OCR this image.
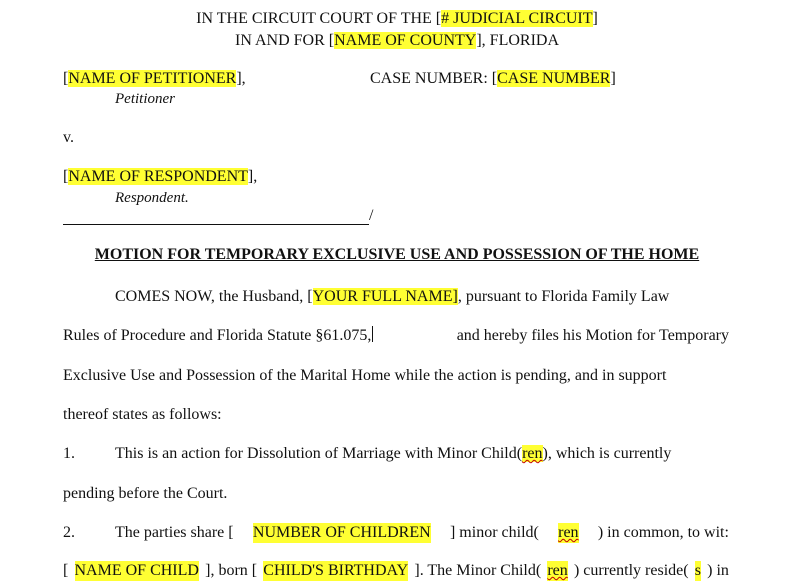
IN THE CIRCUIT COURT OF THE [# JUDICIAL CIRCUIT]
IN AND FOR [NAME OF COUNTY], FLORIDA
[NAME OF PETITIONER],	CASE NUMBER: [CASE NUMBER]
Petitioner
v.
[NAME OF RESPONDENT],
Respondent.
/
MOTION FOR TEMPORARY EXCLUSIVE USE AND POSSESSION OF THE HOME
COMES NOW, the Husband, [YOUR FULL NAME], pursuant to Florida Family Law
Rules of Procedure and Florida Statute §61.075,	and hereby files his Motion for Temporary
Exclusive Use and Possession of the Marital Home while the action is pending, and in support
thereof states as follows:
1.	This is an action for Dissolution of Marriage with Minor Child(ren), which is currently
pending before the Court.
2.	The parties share [ NUMBER OF CHILDREN ] minor child( ren ) in common, to wit:
[ NAME OF CHILD ], born [ CHILD'S BIRTHDAY ]. The Minor Child( ren ) currently reside( s ) in
